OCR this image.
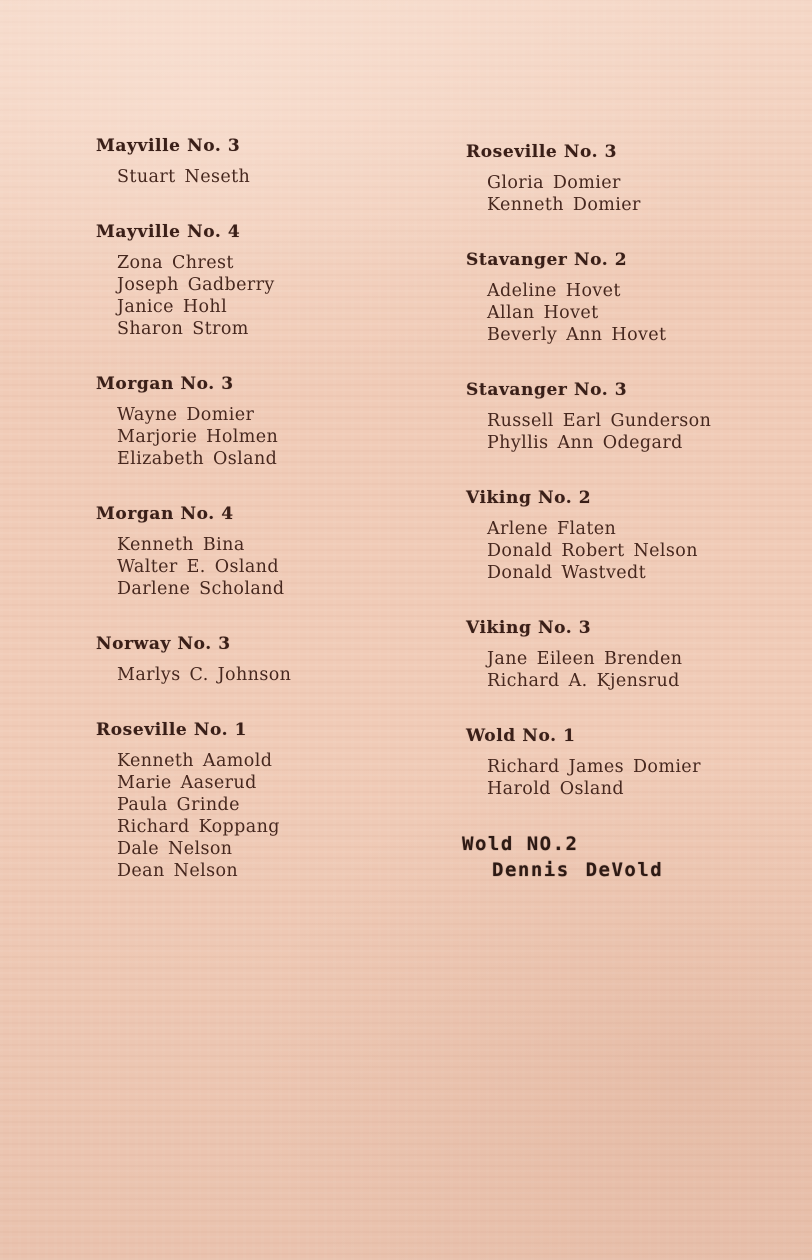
Mayville No. 3
Stuart Neseth
Mayville No. 4
Zona Chrest
Joseph Gadberry
Janice Hohl
Sharon Strom
Morgan No. 3
Wayne Domier
Marjorie Holmen
Elizabeth Osland
Morgan No. 4
Kenneth Bina
Walter E. Osland
Darlene Scholand
Norway No. 3
Marlys C. Johnson
Roseville No. 1
Kenneth Aamold
Marie Aaserud
Paula Grinde
Richard Koppang
Dale Nelson
Dean Nelson
Roseville No. 3
Gloria Domier
Kenneth Domier
Stavanger No. 2
Adeline Hovet
Allan Hovet
Beverly Ann Hovet
Stavanger No. 3
Russell Earl Gunderson
Phyllis Ann Odegard
Viking No. 2
Arlene Flaten
Donald Robert Nelson
Donald Wastvedt
Viking No. 3
Jane Eileen Brenden
Richard A. Kjensrud
Wold No. 1
Richard James Domier
Harold Osland
Wold NO.2
Dennis DeVold
